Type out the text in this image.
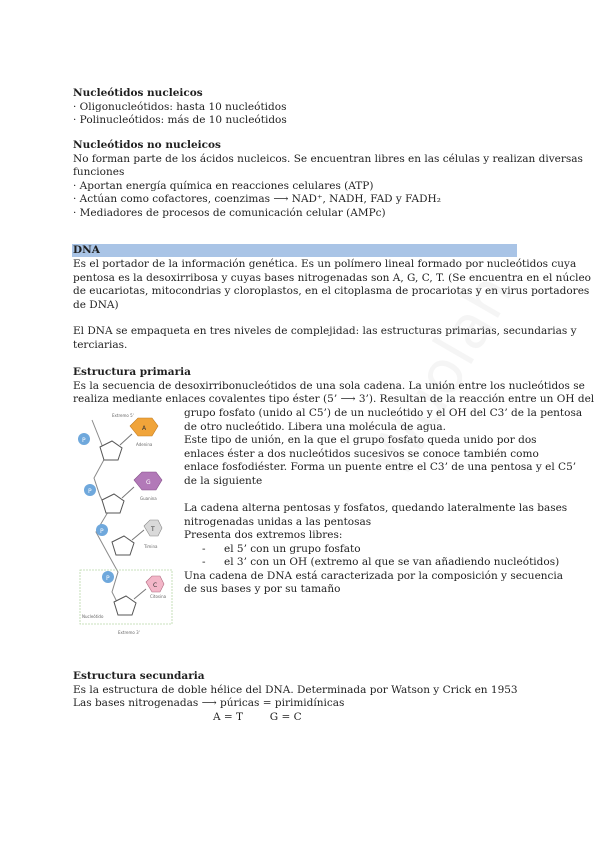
Nucleótidos nucleicos
· Oligonucleótidos: hasta 10 nucleótidos
· Polinucleótidos: más de 10 nucleótidos
Nucleótidos no nucleicos
No forman parte de los ácidos nucleicos. Se encuentran libres en las células y realizan diversas
funciones
· Aportan energía química en reacciones celulares (ATP)
· Actúan como cofactores, coenzimas ⟶ NAD⁺, NADH, FAD y FADH₂
· Mediadores de procesos de comunicación celular (AMPc)
DNA
Es el portador de la información genética. Es un polímero lineal formado por nucleótidos cuya
pentosa es la desoxirribosa y cuyas bases nitrogenadas son A, G, C, T. (Se encuentra en el núcleo
de eucariotas, mitocondrias y cloroplastos, en el citoplasma de procariotas y en virus portadores
de DNA)
El DNA se empaqueta en tres niveles de complejidad: las estructuras primarias, secundarias y
terciarias.
Estructura primaria
Es la secuencia de desoxirribonucleótidos de una sola cadena. La unión entre los nucleótidos se
realiza mediante enlaces covalentes tipo éster (5’ ⟶ 3’). Resultan de la reacción entre un OH del
grupo fosfato (unido al C5’) de un nucleótido y el OH del C3’ de la pentosa
de otro nucleótido. Libera una molécula de agua.
Este tipo de unión, en la que el grupo fosfato queda unido por dos
enlaces éster a dos nucleótidos sucesivos se conoce también como
enlace fosfodiéster. Forma un puente entre el C3’ de una pentosa y el C5’
de la siguiente
La cadena alterna pentosas y fosfatos, quedando lateralmente las bases
nitrogenadas unidas a las pentosas
Presenta dos extremos libres:
- el 5’ con un grupo fosfato
- el 3’ con un OH (extremo al que se van añadiendo nucleótidos)
Una cadena de DNA está caracterizada por la composición y secuencia
de sus bases y por su tamaño
P
P
P
P
A
G
T
C
Adenina
Guanina
Timina
Citosina
Extremo 5'
Extremo 3'
Nucleótido
Estructura secundaria
Es la estructura de doble hélice del DNA. Determinada por Watson y Crick en 1953
Las bases nitrogenadas ⟶ púricas = pirimidínicas
A = T        G = C
